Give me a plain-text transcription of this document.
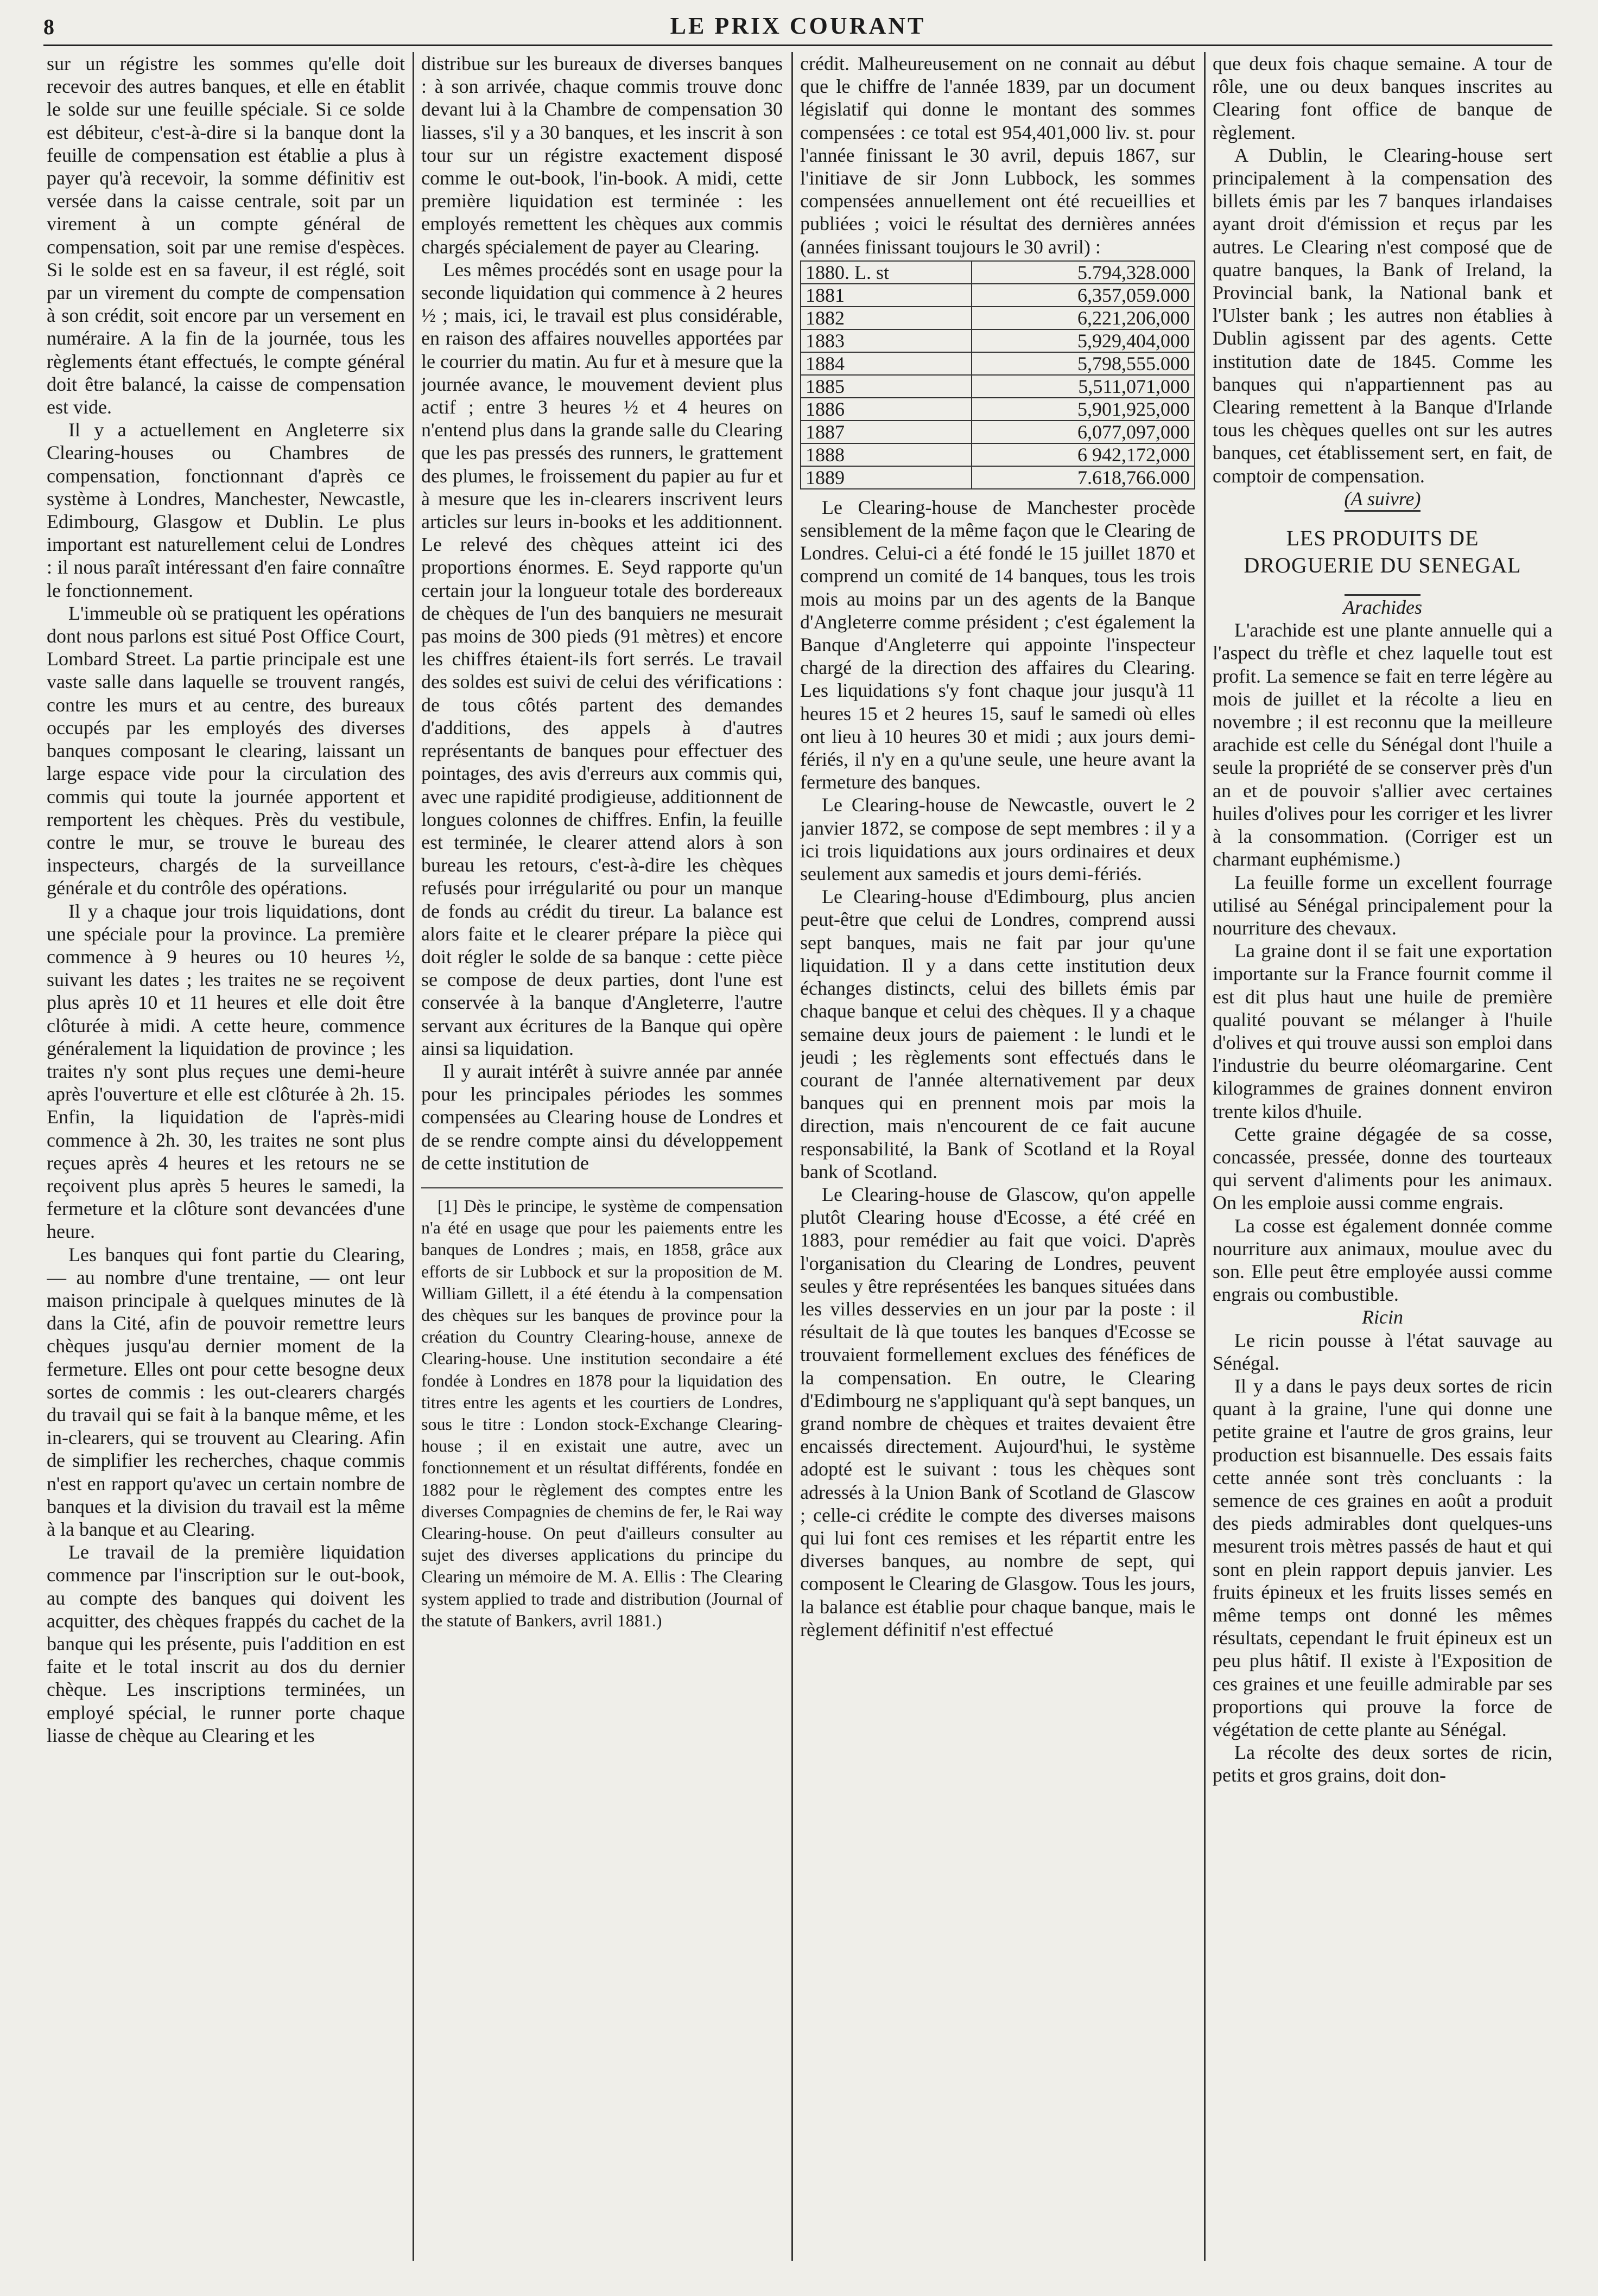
8	LE PRIX COURANT

sur un régistre les sommes qu'elle doit recevoir des autres banques, et elle en établit le solde sur une feuille spéciale. Si ce solde est débiteur, c'est-à-dire si la banque dont la feuille de compensation est établie a plus à payer qu'à recevoir, la somme définitiv est versée dans la caisse centrale, soit par un virement à un compte général de compensation, soit par une remise d'espèces. Si le solde est en sa faveur, il est réglé, soit par un virement du compte de compensation à son crédit, soit encore par un versement en numéraire. A la fin de la journée, tous les règlements étant effectués, le compte général doit être balancé, la caisse de compensation est vide.

Il y a actuellement en Angleterre six Clearing-houses ou Chambres de compensation, fonctionnant d'après ce système à Londres, Manchester, Newcastle, Edimbourg, Glasgow et Dublin. Le plus important est naturellement celui de Londres : il nous paraît intéressant d'en faire connaître le fonctionnement.

L'immeuble où se pratiquent les opérations dont nous parlons est situé Post Office Court, Lombard Street. La partie principale est une vaste salle dans laquelle se trouvent rangés, contre les murs et au centre, des bureaux occupés par les employés des diverses banques composant le clearing, laissant un large espace vide pour la circulation des commis qui toute la journée apportent et remportent les chèques. Près du vestibule, contre le mur, se trouve le bureau des inspecteurs, chargés de la surveillance générale et du contrôle des opérations.

Il y a chaque jour trois liquidations, dont une spéciale pour la province. La première commence à 9 heures ou 10 heures ½, suivant les dates ; les traites ne se reçoivent plus après 10 et 11 heures et elle doit être clôturée à midi. A cette heure, commence généralement la liquidation de province ; les traites n'y sont plus reçues une demi-heure après l'ouverture et elle est clôturée à 2h. 15. Enfin, la liquidation de l'après-midi commence à 2h. 30, les traites ne sont plus reçues après 4 heures et les retours ne se reçoivent plus après 5 heures le samedi, la fermeture et la clôture sont devancées d'une heure.

Les banques qui font partie du Clearing, — au nombre d'une trentaine, — ont leur maison principale à quelques minutes de là dans la Cité, afin de pouvoir remettre leurs chèques jusqu'au dernier moment de la fermeture. Elles ont pour cette besogne deux sortes de commis : les out-clearers chargés du travail qui se fait à la banque même, et les in-clearers, qui se trouvent au Clearing. Afin de simplifier les recherches, chaque commis n'est en rapport qu'avec un certain nombre de banques et la division du travail est la même à la banque et au Clearing.

Le travail de la première liquidation commence par l'inscription sur le out-book, au compte des banques qui doivent les acquitter, des chèques frappés du cachet de la banque qui les présente, puis l'addition en est faite et le total inscrit au dos du dernier chèque. Les inscriptions terminées, un employé spécial, le runner porte chaque liasse de chèque au Clearing et les

distribue sur les bureaux de diverses banques : à son arrivée, chaque commis trouve donc devant lui à la Chambre de compensation 30 liasses, s'il y a 30 banques, et les inscrit à son tour sur un régistre exactement disposé comme le out-book, l'in-book. A midi, cette première liquidation est terminée : les employés remettent les chèques aux commis chargés spécialement de payer au Clearing.

Les mêmes procédés sont en usage pour la seconde liquidation qui commence à 2 heures ½ ; mais, ici, le travail est plus considérable, en raison des affaires nouvelles apportées par le courrier du matin. Au fur et à mesure que la journée avance, le mouvement devient plus actif ; entre 3 heures ½ et 4 heures on n'entend plus dans la grande salle du Clearing que les pas pressés des runners, le grattement des plumes, le froissement du papier au fur et à mesure que les in-clearers inscrivent leurs articles sur leurs in-books et les additionnent. Le relevé des chèques atteint ici des proportions énormes. E. Seyd rapporte qu'un certain jour la longueur totale des bordereaux de chèques de l'un des banquiers ne mesurait pas moins de 300 pieds (91 mètres) et encore les chiffres étaient-ils fort serrés. Le travail des soldes est suivi de celui des vérifications : de tous côtés partent des demandes d'additions, des appels à d'autres représentants de banques pour effectuer des pointages, des avis d'erreurs aux commis qui, avec une rapidité prodigieuse, additionnent de longues colonnes de chiffres. Enfin, la feuille est terminée, le clearer attend alors à son bureau les retours, c'est-à-dire les chèques refusés pour irrégularité ou pour un manque de fonds au crédit du tireur. La balance est alors faite et le clearer prépare la pièce qui doit régler le solde de sa banque : cette pièce se compose de deux parties, dont l'une est conservée à la banque d'Angleterre, l'autre servant aux écritures de la Banque qui opère ainsi sa liquidation.

Il y aurait intérêt à suivre année par année pour les principales périodes les sommes compensées au Clearing house de Londres et de se rendre compte ainsi du développement de cette institution de

[1] Dès le principe, le système de compensation n'a été en usage que pour les paiements entre les banques de Londres ; mais, en 1858, grâce aux efforts de sir Lubbock et sur la proposition de M. William Gillett, il a été étendu à la compensation des chèques sur les banques de province pour la création du Country Clearing-house, annexe de Clearing-house. Une institution secondaire a été fondée à Londres en 1878 pour la liquidation des titres entre les agents et les courtiers de Londres, sous le titre : London stock-Exchange Clearing-house ; il en existait une autre, avec un fonctionnement et un résultat différents, fondée en 1882 pour le règlement des comptes entre les diverses Compagnies de chemins de fer, le Rai way Clearing-house. On peut d'ailleurs consulter au sujet des diverses applications du principe du Clearing un mémoire de M. A. Ellis : The Clearing system applied to trade and distribution (Journal of the statute of Bankers, avril 1881.)

crédit. Malheureusement on ne connait au début que le chiffre de l'année 1839, par un document législatif qui donne le montant des sommes compensées : ce total est 954,401,000 liv. st. pour l'année finissant le 30 avril, depuis 1867, sur l'initiave de sir Jonn Lubbock, les sommes compensées annuellement ont été recueillies et publiées ; voici le résultat des dernières années (années finissant toujours le 30 avril) :

1880. L. st	5.794,328.000
1881	6,357,059.000
1882	6,221,206,000
1883	5,929,404,000
1884	5,798,555.000
1885	5,511,071,000
1886	5,901,925,000
1887	6,077,097,000
1888	6 942,172,000
1889	7.618,766.000

Le Clearing-house de Manchester procède sensiblement de la même façon que le Clearing de Londres. Celui-ci a été fondé le 15 juillet 1870 et comprend un comité de 14 banques, tous les trois mois au moins par un des agents de la Banque d'Angleterre comme président ; c'est également la Banque d'Angleterre qui appointe l'inspecteur chargé de la direction des affaires du Clearing. Les liquidations s'y font chaque jour jusqu'à 11 heures 15 et 2 heures 15, sauf le samedi où elles ont lieu à 10 heures 30 et midi ; aux jours demi-fériés, il n'y en a qu'une seule, une heure avant la fermeture des banques.

Le Clearing-house de Newcastle, ouvert le 2 janvier 1872, se compose de sept membres : il y a ici trois liquidations aux jours ordinaires et deux seulement aux samedis et jours demi-fériés.

Le Clearing-house d'Edimbourg, plus ancien peut-être que celui de Londres, comprend aussi sept banques, mais ne fait par jour qu'une liquidation. Il y a dans cette institution deux échanges distincts, celui des billets émis par chaque banque et celui des chèques. Il y a chaque semaine deux jours de paiement : le lundi et le jeudi ; les règlements sont effectués dans le courant de l'année alternativement par deux banques qui en prennent mois par mois la direction, mais n'encourent de ce fait aucune responsabilité, la Bank of Scotland et la Royal bank of Scotland.

Le Clearing-house de Glascow, qu'on appelle plutôt Clearing house d'Ecosse, a été créé en 1883, pour remédier au fait que voici. D'après l'organisation du Clearing de Londres, peuvent seules y être représentées les banques situées dans les villes desservies en un jour par la poste : il résultait de là que toutes les banques d'Ecosse se trouvaient formellement exclues des fénéfices de la compensation. En outre, le Clearing d'Edimbourg ne s'appliquant qu'à sept banques, un grand nombre de chèques et traites devaient être encaissés directement. Aujourd'hui, le système adopté est le suivant : tous les chèques sont adressés à la Union Bank of Scotland de Glascow ; celle-ci crédite le compte des diverses maisons qui lui font ces remises et les répartit entre les diverses banques, au nombre de sept, qui composent le Clearing de Glasgow. Tous les jours, la balance est établie pour chaque banque, mais le règlement définitif n'est effectué

que deux fois chaque semaine. A tour de rôle, une ou deux banques inscrites au Clearing font office de banque de règlement.

A Dublin, le Clearing-house sert principalement à la compensation des billets émis par les 7 banques irlandaises ayant droit d'émission et reçus par les autres. Le Clearing n'est composé que de quatre banques, la Bank of Ireland, la Provincial bank, la National bank et l'Ulster bank ; les autres non établies à Dublin agissent par des agents. Cette institution date de 1845. Comme les banques qui n'appartiennent pas au Clearing remettent à la Banque d'Irlande tous les chèques quelles ont sur les autres banques, cet établissement sert, en fait, de comptoir de compensation.

(A suivre)

LES PRODUITS DE
DROGUERIE DU SENEGAL

Arachides

L'arachide est une plante annuelle qui a l'aspect du trèfle et chez laquelle tout est profit. La semence se fait en terre légère au mois de juillet et la récolte a lieu en novembre ; il est reconnu que la meilleure arachide est celle du Sénégal dont l'huile a seule la propriété de se conserver près d'un an et de pouvoir s'allier avec certaines huiles d'olives pour les corriger et les livrer à la consommation. (Corriger est un charmant euphémisme.)

La feuille forme un excellent fourrage utilisé au Sénégal principalement pour la nourriture des chevaux.

La graine dont il se fait une exportation importante sur la France fournit comme il est dit plus haut une huile de première qualité pouvant se mélanger à l'huile d'olives et qui trouve aussi son emploi dans l'industrie du beurre oléomargarine. Cent kilogrammes de graines donnent environ trente kilos d'huile.

Cette graine dégagée de sa cosse, concassée, pressée, donne des tourteaux qui servent d'aliments pour les animaux. On les emploie aussi comme engrais.

La cosse est également donnée comme nourriture aux animaux, moulue avec du son. Elle peut être employée aussi comme engrais ou combustible.

Ricin

Le ricin pousse à l'état sauvage au Sénégal.

Il y a dans le pays deux sortes de ricin quant à la graine, l'une qui donne une petite graine et l'autre de gros grains, leur production est bisannuelle. Des essais faits cette année sont très concluants : la semence de ces graines en août a produit des pieds admirables dont quelques-uns mesurent trois mètres passés de haut et qui sont en plein rapport depuis janvier. Les fruits épineux et les fruits lisses semés en même temps ont donné les mêmes résultats, cependant le fruit épineux est un peu plus hâtif. Il existe à l'Exposition de ces graines et une feuille admirable par ses proportions qui prouve la force de végétation de cette plante au Sénégal.

La récolte des deux sortes de ricin, petits et gros grains, doit don-
